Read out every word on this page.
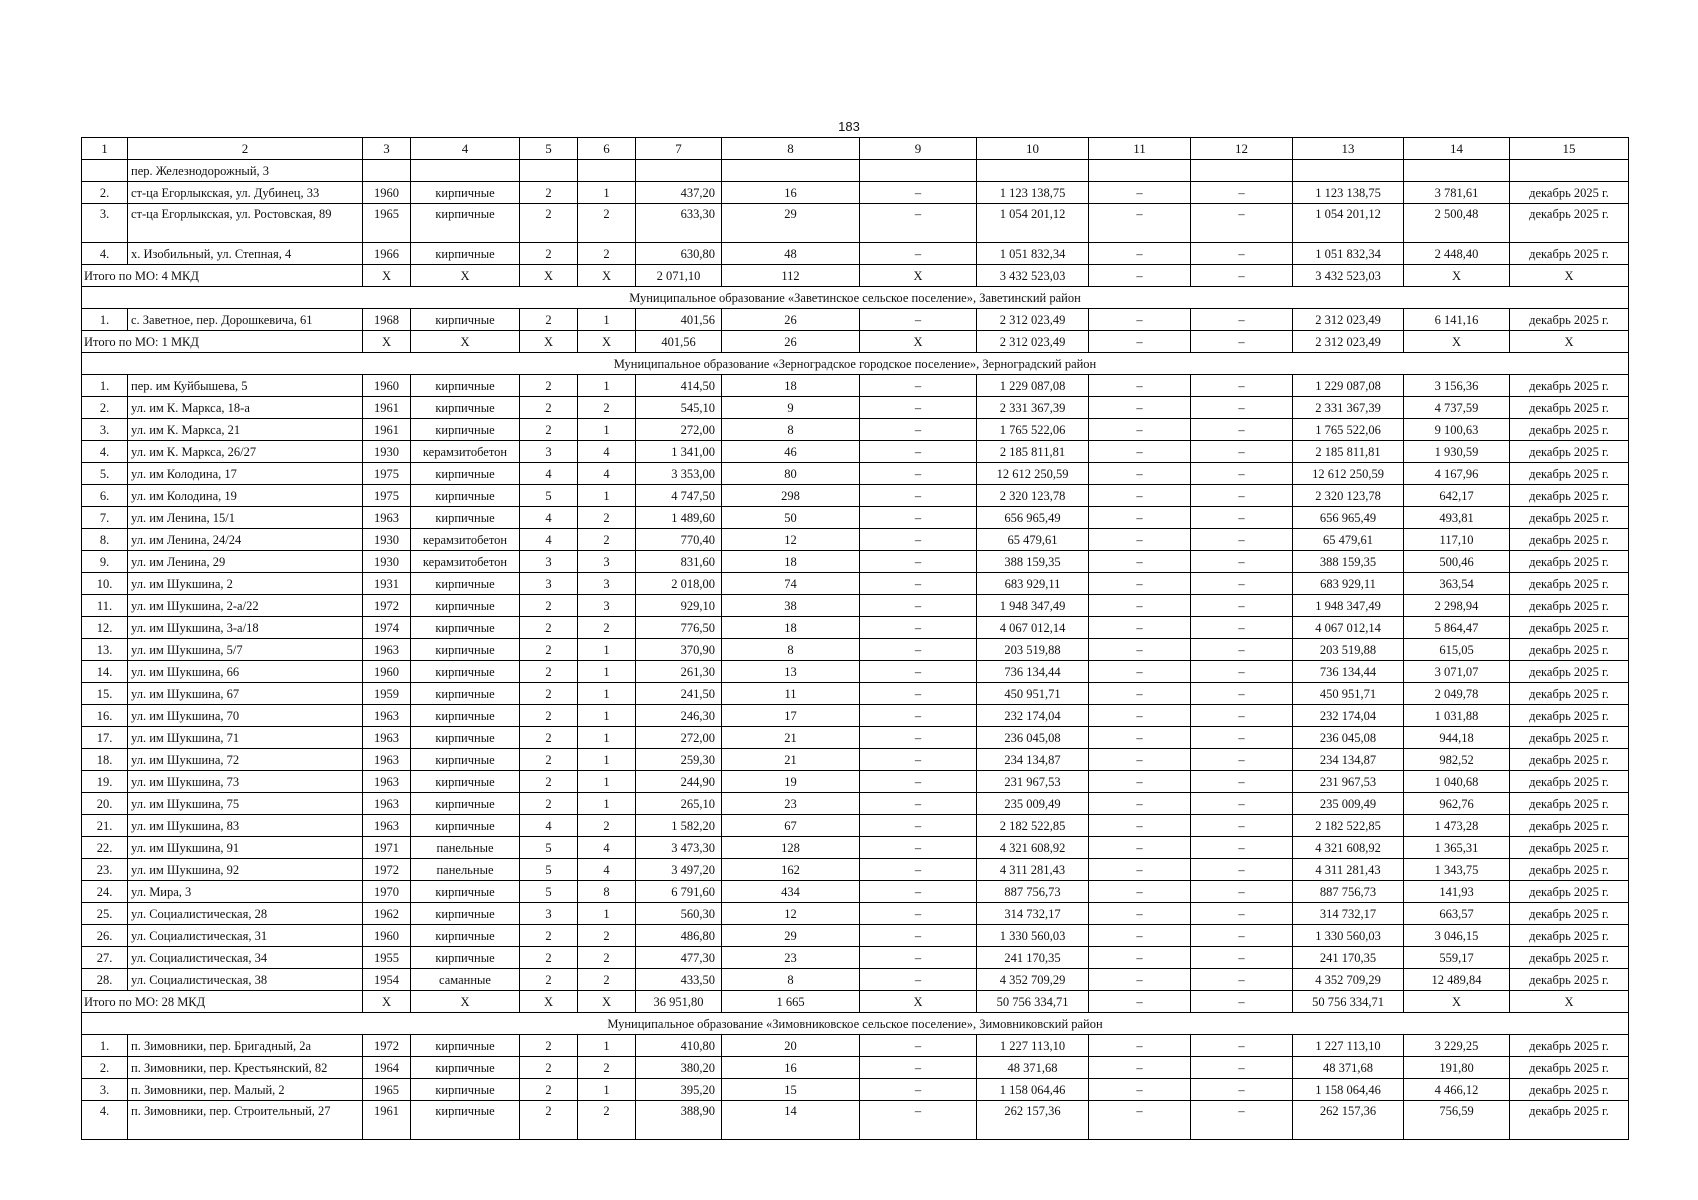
183
1	2	3	4	5	6	7	8	9	10	11	12	13	14	15
	пер. Железнодорожный, 3													
2.	ст-ца Егорлыкская, ул. Дубинец, 33	1960	кирпичные	2	1	437,20	16	–	1 123 138,75	–	–	1 123 138,75	3 781,61	декабрь 2025 г.
3.	ст-ца Егорлыкская, ул. Ростовская, 89	1965	кирпичные	2	2	633,30	29	–	1 054 201,12	–	–	1 054 201,12	2 500,48	декабрь 2025 г.
4.	х. Изобильный, ул. Степная, 4	1966	кирпичные	2	2	630,80	48	–	1 051 832,34	–	–	1 051 832,34	2 448,40	декабрь 2025 г.
Итого по МО: 4 МКД		X	X	X	X	2 071,10	112	X	3 432 523,03	–	–	3 432 523,03	X	X
Муниципальное образование «Заветинское сельское поселение», Заветинский район														
1.	с. Заветное, пер. Дорошкевича, 61	1968	кирпичные	2	1	401,56	26	–	2 312 023,49	–	–	2 312 023,49	6 141,16	декабрь 2025 г.
Итого по МО: 1 МКД		X	X	X	X	401,56	26	X	2 312 023,49	–	–	2 312 023,49	X	X
Муниципальное образование «Зерноградское городское поселение», Зерноградский район														
1.	пер. им Куйбышева, 5	1960	кирпичные	2	1	414,50	18	–	1 229 087,08	–	–	1 229 087,08	3 156,36	декабрь 2025 г.
2.	ул. им К. Маркса, 18-а	1961	кирпичные	2	2	545,10	9	–	2 331 367,39	–	–	2 331 367,39	4 737,59	декабрь 2025 г.
3.	ул. им К. Маркса, 21	1961	кирпичные	2	1	272,00	8	–	1 765 522,06	–	–	1 765 522,06	9 100,63	декабрь 2025 г.
4.	ул. им К. Маркса, 26/27	1930	керамзитобетон	3	4	1 341,00	46	–	2 185 811,81	–	–	2 185 811,81	1 930,59	декабрь 2025 г.
5.	ул. им Колодина, 17	1975	кирпичные	4	4	3 353,00	80	–	12 612 250,59	–	–	12 612 250,59	4 167,96	декабрь 2025 г.
6.	ул. им Колодина, 19	1975	кирпичные	5	1	4 747,50	298	–	2 320 123,78	–	–	2 320 123,78	642,17	декабрь 2025 г.
7.	ул. им Ленина, 15/1	1963	кирпичные	4	2	1 489,60	50	–	656 965,49	–	–	656 965,49	493,81	декабрь 2025 г.
8.	ул. им Ленина, 24/24	1930	керамзитобетон	4	2	770,40	12	–	65 479,61	–	–	65 479,61	117,10	декабрь 2025 г.
9.	ул. им Ленина, 29	1930	керамзитобетон	3	3	831,60	18	–	388 159,35	–	–	388 159,35	500,46	декабрь 2025 г.
10.	ул. им Шукшина, 2	1931	кирпичные	3	3	2 018,00	74	–	683 929,11	–	–	683 929,11	363,54	декабрь 2025 г.
11.	ул. им Шукшина, 2-а/22	1972	кирпичные	2	3	929,10	38	–	1 948 347,49	–	–	1 948 347,49	2 298,94	декабрь 2025 г.
12.	ул. им Шукшина, 3-а/18	1974	кирпичные	2	2	776,50	18	–	4 067 012,14	–	–	4 067 012,14	5 864,47	декабрь 2025 г.
13.	ул. им Шукшина, 5/7	1963	кирпичные	2	1	370,90	8	–	203 519,88	–	–	203 519,88	615,05	декабрь 2025 г.
14.	ул. им Шукшина, 66	1960	кирпичные	2	1	261,30	13	–	736 134,44	–	–	736 134,44	3 071,07	декабрь 2025 г.
15.	ул. им Шукшина, 67	1959	кирпичные	2	1	241,50	11	–	450 951,71	–	–	450 951,71	2 049,78	декабрь 2025 г.
16.	ул. им Шукшина, 70	1963	кирпичные	2	1	246,30	17	–	232 174,04	–	–	232 174,04	1 031,88	декабрь 2025 г.
17.	ул. им Шукшина, 71	1963	кирпичные	2	1	272,00	21	–	236 045,08	–	–	236 045,08	944,18	декабрь 2025 г.
18.	ул. им Шукшина, 72	1963	кирпичные	2	1	259,30	21	–	234 134,87	–	–	234 134,87	982,52	декабрь 2025 г.
19.	ул. им Шукшина, 73	1963	кирпичные	2	1	244,90	19	–	231 967,53	–	–	231 967,53	1 040,68	декабрь 2025 г.
20.	ул. им Шукшина, 75	1963	кирпичные	2	1	265,10	23	–	235 009,49	–	–	235 009,49	962,76	декабрь 2025 г.
21.	ул. им Шукшина, 83	1963	кирпичные	4	2	1 582,20	67	–	2 182 522,85	–	–	2 182 522,85	1 473,28	декабрь 2025 г.
22.	ул. им Шукшина, 91	1971	панельные	5	4	3 473,30	128	–	4 321 608,92	–	–	4 321 608,92	1 365,31	декабрь 2025 г.
23.	ул. им Шукшина, 92	1972	панельные	5	4	3 497,20	162	–	4 311 281,43	–	–	4 311 281,43	1 343,75	декабрь 2025 г.
24.	ул. Мира, 3	1970	кирпичные	5	8	6 791,60	434	–	887 756,73	–	–	887 756,73	141,93	декабрь 2025 г.
25.	ул. Социалистическая, 28	1962	кирпичные	3	1	560,30	12	–	314 732,17	–	–	314 732,17	663,57	декабрь 2025 г.
26.	ул. Социалистическая, 31	1960	кирпичные	2	2	486,80	29	–	1 330 560,03	–	–	1 330 560,03	3 046,15	декабрь 2025 г.
27.	ул. Социалистическая, 34	1955	кирпичные	2	2	477,30	23	–	241 170,35	–	–	241 170,35	559,17	декабрь 2025 г.
28.	ул. Социалистическая, 38	1954	саманные	2	2	433,50	8	–	4 352 709,29	–	–	4 352 709,29	12 489,84	декабрь 2025 г.
Итого по МО: 28 МКД		X	X	X	X	36 951,80	1 665	X	50 756 334,71	–	–	50 756 334,71	X	X
Муниципальное образование «Зимовниковское сельское поселение», Зимовниковский район														
1.	п. Зимовники, пер. Бригадный, 2а	1972	кирпичные	2	1	410,80	20	–	1 227 113,10	–	–	1 227 113,10	3 229,25	декабрь 2025 г.
2.	п. Зимовники, пер. Крестьянский, 82	1964	кирпичные	2	2	380,20	16	–	48 371,68	–	–	48 371,68	191,80	декабрь 2025 г.
3.	п. Зимовники, пер. Малый, 2	1965	кирпичные	2	1	395,20	15	–	1 158 064,46	–	–	1 158 064,46	4 466,12	декабрь 2025 г.
4.	п. Зимовники, пер. Строительный, 27	1961	кирпичные	2	2	388,90	14	–	262 157,36	–	–	262 157,36	756,59	декабрь 2025 г.
